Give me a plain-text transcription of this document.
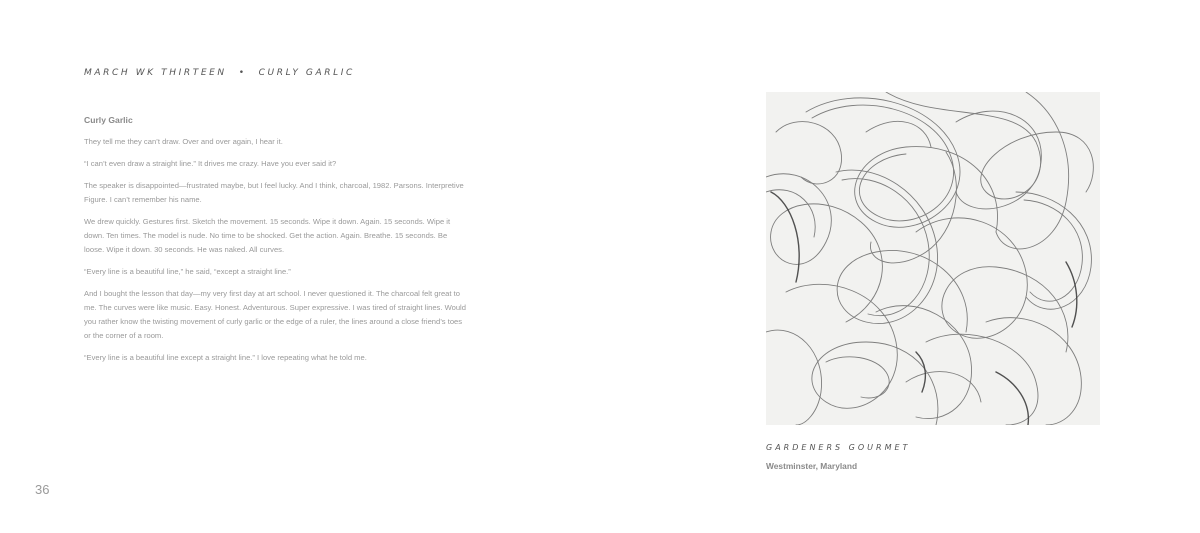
MARCH WK THIRTEEN • CURLY GARLIC
Curly Garlic

They tell me they can’t draw. Over and over again, I hear it.

“I can’t even draw a straight line.” It drives me crazy. Have you ever said it?

The speaker is disappointed—frustrated maybe, but I feel lucky. And I think, charcoal, 1982. Parsons. Interpretive Figure. I can’t remember his name.

We drew quickly. Gestures first. Sketch the movement. 15 seconds. Wipe it down. Again. 15 seconds. Wipe it down. Ten times. The model is nude. No time to be shocked. Get the action. Again. Breathe. 15 seconds. Be loose. Wipe it down. 30 seconds. He was naked. All curves.

“Every line is a beautiful line,” he said, “except a straight line.”

And I bought the lesson that day—my very first day at art school. I never questioned it. The charcoal felt great to me. The curves were like music. Easy. Honest. Adventurous. Super expressive. I was tired of straight lines. Would you rather know the twisting movement of curly garlic or the edge of a ruler, the lines around a close friend’s toes or the corner of a room.

“Every line is a beautiful line except a straight line.” I love repeating what he told me.

36
GARDENERS GOURMET
Westminster, Maryland
